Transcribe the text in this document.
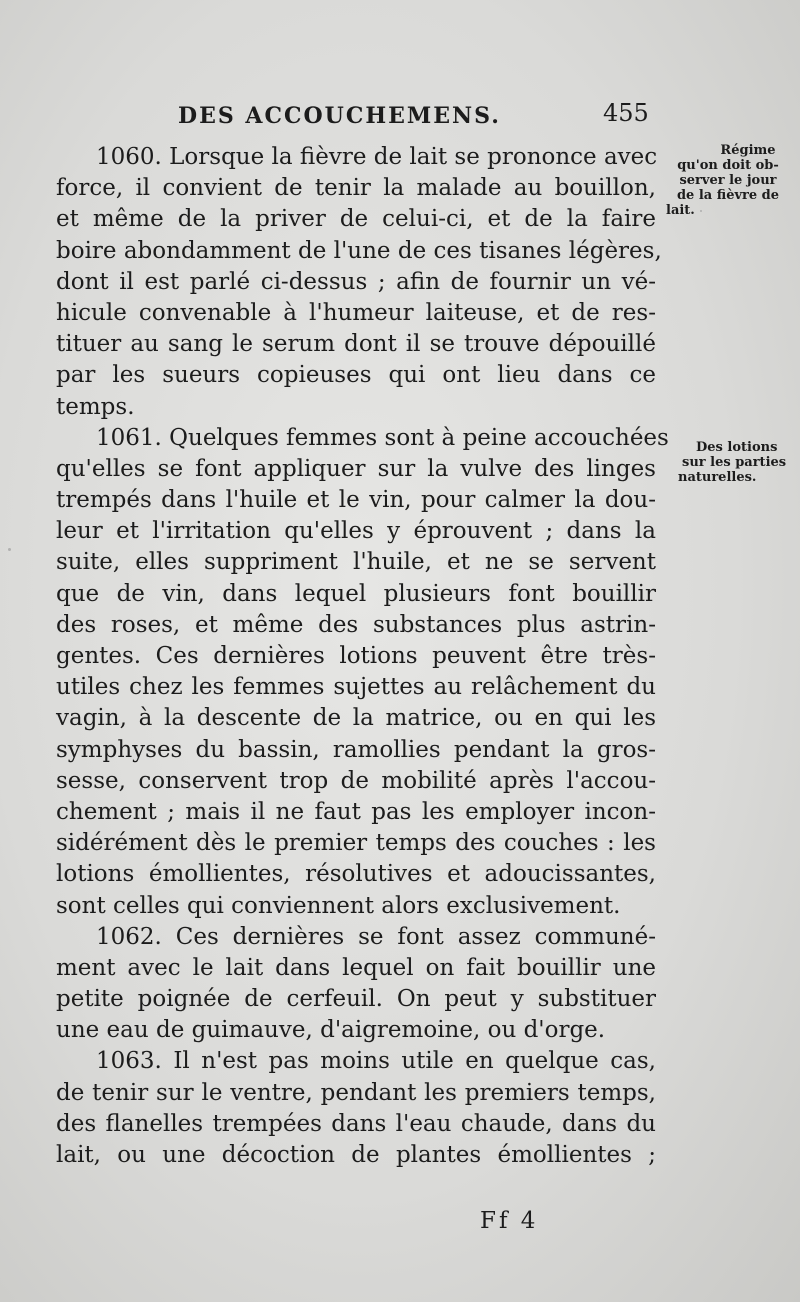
DES ACCOUCHEMENS.	455
1060. Lorsque la fièvre de lait se prononce avec
force, il convient de tenir la malade au bouillon,
et même de la priver de celui-ci, et de la faire
boire abondamment de l'une de ces tisanes légères,
dont il est parlé ci-dessus ; afin de fournir un vé-
hicule convenable à l'humeur laiteuse, et de res-
tituer au sang le serum dont il se trouve dépouillé
par les sueurs copieuses qui ont lieu dans ce
temps.
1061. Quelques femmes sont à peine accouchées
qu'elles se font appliquer sur la vulve des linges
trempés dans l'huile et le vin, pour calmer la dou-
leur et l'irritation qu'elles y éprouvent ; dans la
suite, elles suppriment l'huile, et ne se servent
que de vin, dans lequel plusieurs font bouillir
des roses, et même des substances plus astrin-
gentes. Ces dernières lotions peuvent être très-
utiles chez les femmes sujettes au relâchement du
vagin, à la descente de la matrice, ou en qui les
symphyses du bassin, ramollies pendant la gros-
sesse, conservent trop de mobilité après l'accou-
chement ; mais il ne faut pas les employer incon-
sidérément dès le premier temps des couches : les
lotions émollientes, résolutives et adoucissantes,
sont celles qui conviennent alors exclusivement.
1062. Ces dernières se font assez communé-
ment avec le lait dans lequel on fait bouillir une
petite poignée de cerfeuil. On peut y substituer
une eau de guimauve, d'aigremoine, ou d'orge.
1063. Il n'est pas moins utile en quelque cas,
de tenir sur le ventre, pendant les premiers temps,
des flanelles trempées dans l'eau chaude, dans du
lait, ou une décoction de plantes émollientes ;
Régime
qu'on doit ob-
server le jour
de la fièvre de
lait.
Des lotions
sur les parties
naturelles.
Ff 4
